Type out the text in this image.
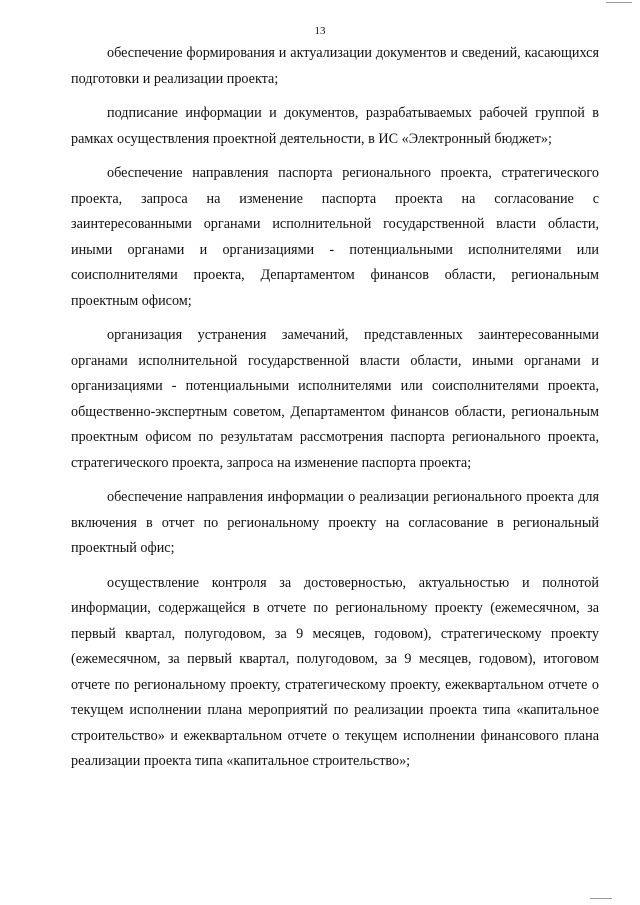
13

обеспечение формирования и актуализации документов и сведений, касающихся подготовки и реализации проекта;

подписание информации и документов, разрабатываемых рабочей группой в рамках осуществления проектной деятельности, в ИС «Электронный бюджет»;

обеспечение направления паспорта регионального проекта, стратегического проекта, запроса на изменение паспорта проекта на согласование с заинтересованными органами исполнительной государственной власти области, иными органами и организациями - потенциальными исполнителями или соисполнителями проекта, Департаментом финансов области, региональным проектным офисом;

организация устранения замечаний, представленных заинтересованными органами исполнительной государственной власти области, иными органами и организациями - потенциальными исполнителями или соисполнителями проекта, общественно-экспертным советом, Департаментом финансов области, региональным проектным офисом по результатам рассмотрения паспорта регионального проекта, стратегического проекта, запроса на изменение паспорта проекта;

обеспечение направления информации о реализации регионального проекта для включения в отчет по региональному проекту на согласование в региональный проектный офис;

осуществление контроля за достоверностью, актуальностью и полнотой информации, содержащейся в отчете по региональному проекту (ежемесячном, за первый квартал, полугодовом, за 9 месяцев, годовом), стратегическому проекту (ежемесячном, за первый квартал, полугодовом, за 9 месяцев, годовом), итоговом отчете по региональному проекту, стратегическому проекту, ежеквартальном отчете о текущем исполнении плана мероприятий по реализации проекта типа «капитальное строительство» и ежеквартальном отчете о текущем исполнении финансового плана реализации проекта типа «капитальное строительство»;
